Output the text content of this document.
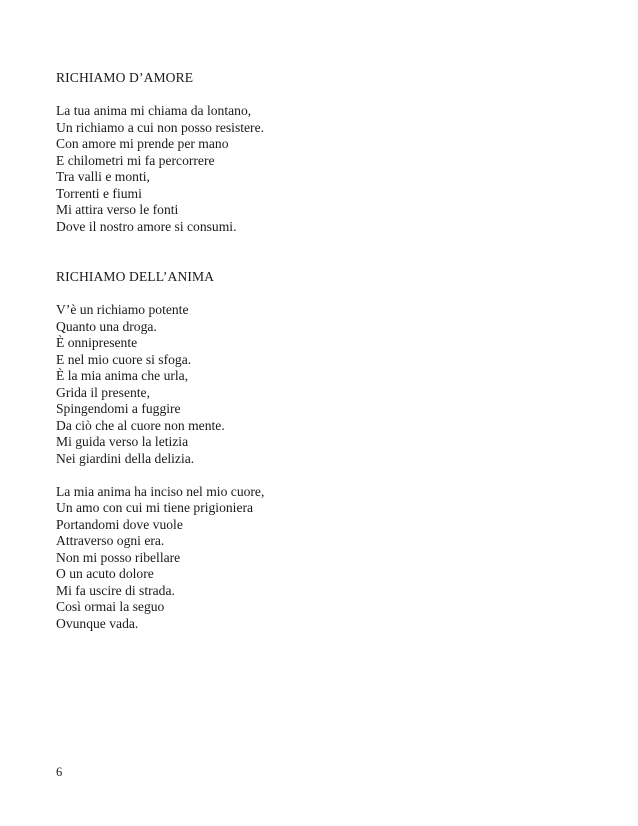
RICHIAMO D’AMORE
La tua anima mi chiama da lontano,
Un richiamo a cui non posso resistere.
Con amore mi prende per mano
E chilometri mi fa percorrere
Tra valli e monti,
Torrenti e fiumi
Mi attira verso le fonti
Dove il nostro amore si consumi.
RICHIAMO DELL’ANIMA
V’è un richiamo potente
Quanto una droga.
È onnipresente
E nel mio cuore si sfoga.
È la mia anima che urla,
Grida il presente,
Spingendomi a fuggire
Da ciò che al cuore non mente.
Mi guida verso la letizia
Nei giardini della delizia.
La mia anima ha inciso nel mio cuore,
Un amo con cui mi tiene prigioniera
Portandomi dove vuole
Attraverso ogni era.
Non mi posso ribellare
O un acuto dolore
Mi fa uscire di strada.
Così ormai la seguo
Ovunque vada.
6
